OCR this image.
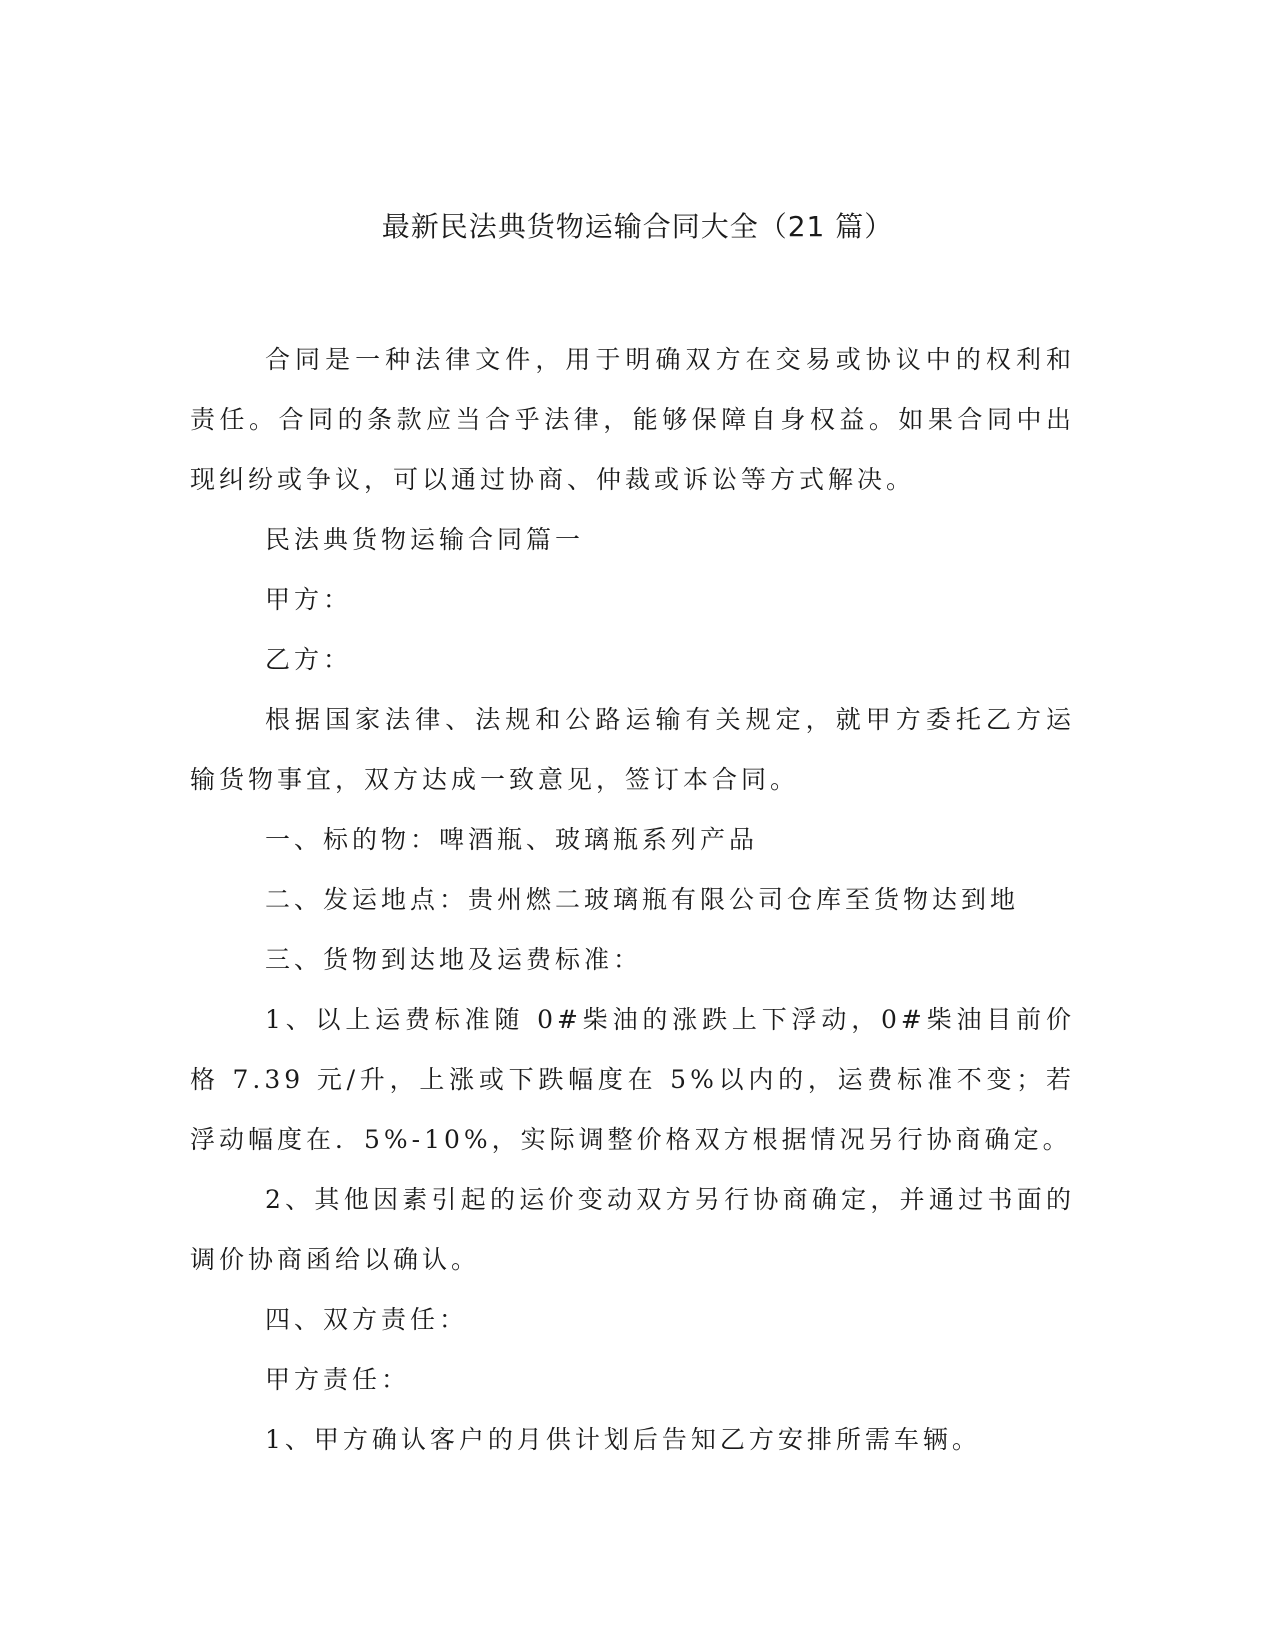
最新民法典货物运输合同大全（21 篇）

合同是一种法律文件，用于明确双方在交易或协议中的权利和责任。合同的条款应当合乎法律，能够保障自身权益。如果合同中出现纠纷或争议，可以通过协商、仲裁或诉讼等方式解决。

民法典货物运输合同篇一

甲方：

乙方：

根据国家法律、法规和公路运输有关规定，就甲方委托乙方运输货物事宜，双方达成一致意见，签订本合同。

一、标的物：啤酒瓶、玻璃瓶系列产品

二、发运地点：贵州燃二玻璃瓶有限公司仓库至货物达到地

三、货物到达地及运费标准：

1、以上运费标准随 0#柴油的涨跌上下浮动，0#柴油目前价格 7.39 元/升，上涨或下跌幅度在 5%以内的，运费标准不变；若浮动幅度在．5%-10%，实际调整价格双方根据情况另行协商确定。

2、其他因素引起的运价变动双方另行协商确定，并通过书面的调价协商函给以确认。

四、双方责任：

甲方责任：

1、甲方确认客户的月供计划后告知乙方安排所需车辆。
